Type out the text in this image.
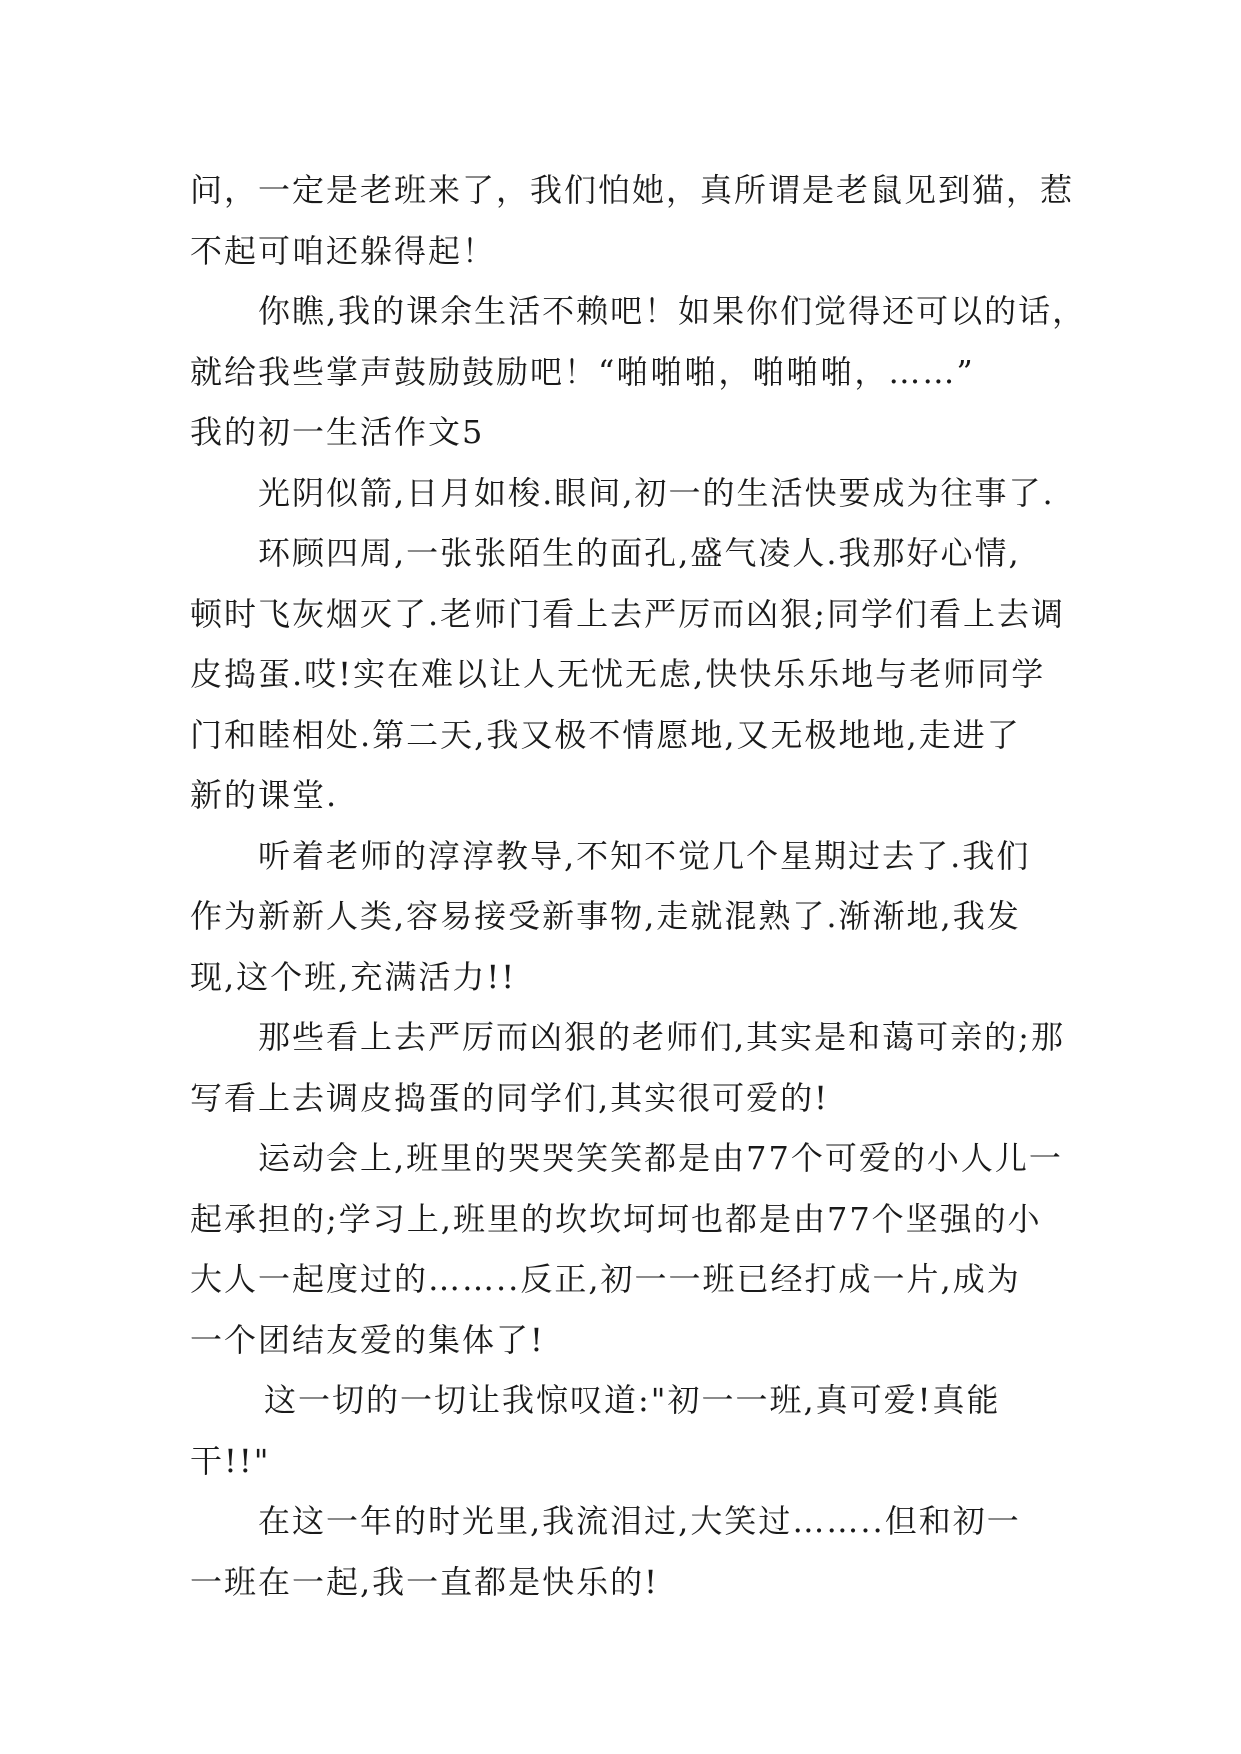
问，一定是老班来了，我们怕她，真所谓是老鼠见到猫，惹
不起可咱还躲得起！
你瞧,我的课余生活不赖吧！如果你们觉得还可以的话，
就给我些掌声鼓励鼓励吧！“啪啪啪，啪啪啪，……”
我的初一生活作文5
光阴似箭,日月如梭.眼间,初一的生活快要成为往事了.
环顾四周,一张张陌生的面孔,盛气凌人.我那好心情,
顿时飞灰烟灭了.老师门看上去严厉而凶狠;同学们看上去调
皮捣蛋.哎!实在难以让人无忧无虑,快快乐乐地与老师同学
门和睦相处.第二天,我又极不情愿地,又无极地地,走进了
新的课堂.
听着老师的淳淳教导,不知不觉几个星期过去了.我们
作为新新人类,容易接受新事物,走就混熟了.渐渐地,我发
现,这个班,充满活力!!
那些看上去严厉而凶狠的老师们,其实是和蔼可亲的;那
写看上去调皮捣蛋的同学们,其实很可爱的!
运动会上,班里的哭哭笑笑都是由77个可爱的小人儿一
起承担的;学习上,班里的坎坎坷坷也都是由77个坚强的小
大人一起度过的……..反正,初一一班已经打成一片,成为
一个团结友爱的集体了!
这一切的一切让我惊叹道:"初一一班,真可爱!真能
干!!"
在这一年的时光里,我流泪过,大笑过……..但和初一
一班在一起,我一直都是快乐的!
